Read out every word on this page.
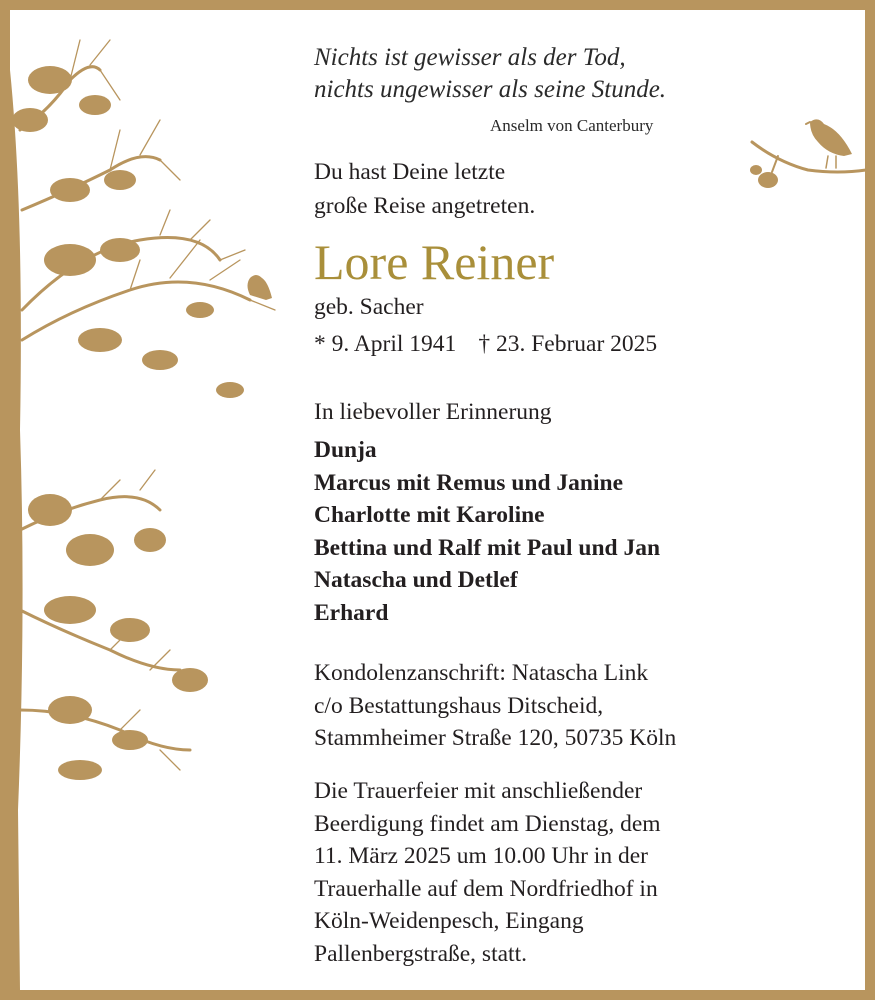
Nichts ist gewisser als der Tod,
nichts ungewisser als seine Stunde.
Anselm von Canterbury
Du hast Deine letzte
große Reise angetreten.
Lore Reiner
geb. Sacher
* 9. April 1941 † 23. Februar 2025
In liebevoller Erinnerung
Dunja
Marcus mit Remus und Janine
Charlotte mit Karoline
Bettina und Ralf mit Paul und Jan
Natascha und Detlef
Erhard
Kondolenzanschrift: Natascha Link
c/o Bestattungshaus Ditscheid,
Stammheimer Straße 120, 50735 Köln
Die Trauerfeier mit anschließender
Beerdigung findet am Dienstag, dem
11. März 2025 um 10.00 Uhr in der
Trauerhalle auf dem Nordfriedhof in
Köln-Weidenpesch, Eingang
Pallenbergstraße, statt.
